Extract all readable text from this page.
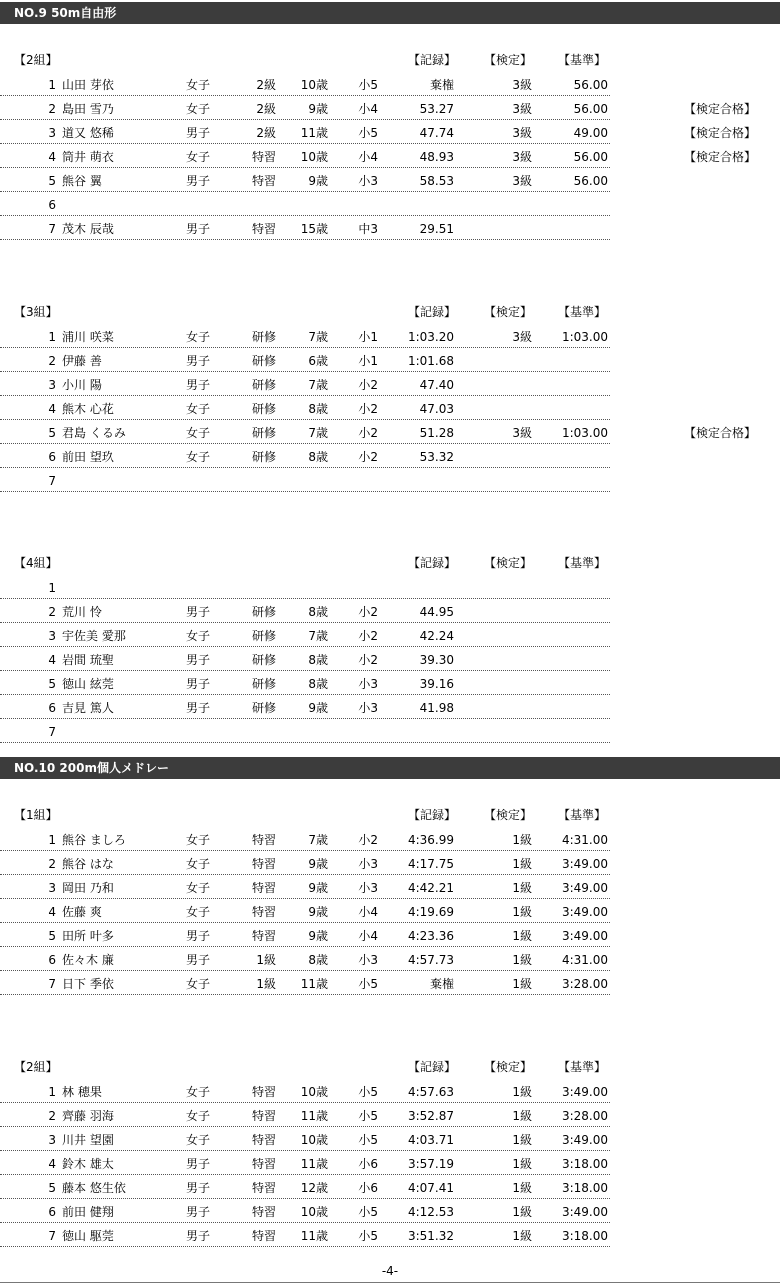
-4-
NO.9 50m自由形
【2組】	【記録】 【検定】 【基準】
1 山田 芽依	女子	2級	10歳	小5	棄権	3級	56.00
2 島田 雪乃	女子	2級	9歳	小4	53.27	3級	56.00	【検定合格】
3 道又 悠稀	男子	2級	11歳	小5	47.74	3級	49.00	【検定合格】
4 筒井 萌衣	女子	特習	10歳	小4	48.93	3級	56.00	【検定合格】
5 熊谷 翼	男子	特習	9歳	小3	58.53	3級	56.00
6
7 茂木 辰哉	男子	特習	15歳	中3	29.51
【3組】	【記録】 【検定】 【基準】
1 浦川 咲菜	女子	研修	7歳	小1	1:03.20	3級	1:03.00
2 伊藤 善	男子	研修	6歳	小1	1:01.68
3 小川 陽	男子	研修	7歳	小2	47.40
4 熊木 心花	女子	研修	8歳	小2	47.03
5 君島 くるみ	女子	研修	7歳	小2	51.28	3級	1:03.00	【検定合格】
6 前田 望玖	女子	研修	8歳	小2	53.32
7
【4組】	【記録】 【検定】 【基準】
1
2 荒川 怜	男子	研修	8歳	小2	44.95
3 宇佐美 愛那	女子	研修	7歳	小2	42.24
4 岩間 琉聖	男子	研修	8歳	小2	39.30
5 徳山 絃莞	男子	研修	8歳	小3	39.16
6 吉見 篤人	男子	研修	9歳	小3	41.98
7
NO.10 200m個人メドレー
【1組】	【記録】 【検定】 【基準】
1 熊谷 ましろ	女子	特習	7歳	小2	4:36.99	1級	4:31.00
2 熊谷 はな	女子	特習	9歳	小3	4:17.75	1級	3:49.00
3 岡田 乃和	女子	特習	9歳	小3	4:42.21	1級	3:49.00
4 佐藤 爽	女子	特習	9歳	小4	4:19.69	1級	3:49.00
5 田所 叶多	男子	特習	9歳	小4	4:23.36	1級	3:49.00
6 佐々木 廉	男子	1級	8歳	小3	4:57.73	1級	4:31.00
7 日下 季依	女子	1級	11歳	小5	棄権	1級	3:28.00
【2組】	【記録】 【検定】 【基準】
1 林 穂果	女子	特習	10歳	小5	4:57.63	1級	3:49.00
2 齊藤 羽海	女子	特習	11歳	小5	3:52.87	1級	3:28.00
3 川井 望園	女子	特習	10歳	小5	4:03.71	1級	3:49.00
4 鈴木 雄太	男子	特習	11歳	小6	3:57.19	1級	3:18.00
5 藤本 悠生依	男子	特習	12歳	小6	4:07.41	1級	3:18.00
6 前田 健翔	男子	特習	10歳	小5	4:12.53	1級	3:49.00
7 徳山 駆莞	男子	特習	11歳	小5	3:51.32	1級	3:18.00
